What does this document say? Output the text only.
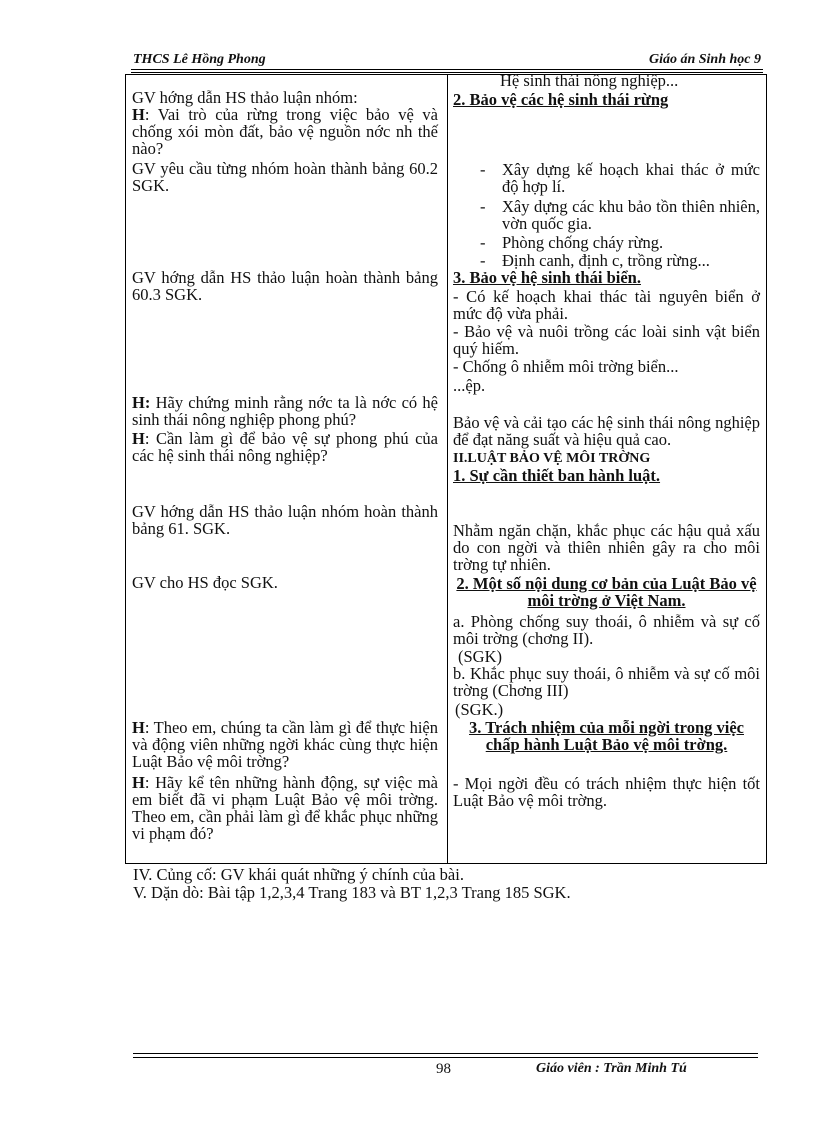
THCS Lê Hồng Phong	Giáo án Sinh học 9
Hệ sinh thái nông nghiệp...
2. Bảo vệ các hệ sinh thái rừng
- Xây dựng kế hoạch khai thác ở mức độ hợp lí.
- Xây dựng các khu bảo tồn thiên nhiên, vờn quốc gia.
- Phòng chống cháy rừng.
- Định canh, định c, trồng rừng...
3. Bảo vệ hệ sinh thái biển.
- Có kế hoạch khai thác tài nguyên biển ở mức độ vừa phải.
- Bảo vệ và nuôi trồng các loài sinh vật biển quý hiếm.
- Chống ô nhiễm môi trờng biển...
...ệp.
Bảo vệ và cải tạo các hệ sinh thái nông nghiệp để đạt năng suất và hiệu quả cao.
II.LUẬT BẢO VỆ MÔI TRỜNG
1. Sự cần thiết ban hành luật.
Nhằm ngăn chặn, khắc phục các hậu quả xấu do con ngời và thiên nhiên gây ra cho môi trờng tự nhiên.
2. Một số nội dung cơ bản của Luật Bảo vệ môi trờng ở Việt Nam.
a. Phòng chống suy thoái, ô nhiễm và sự cố môi trờng (chơng II).
(SGK)
b. Khắc phục suy thoái, ô nhiễm và sự cố môi trờng (Chơng III)
(SGK.)
3. Trách nhiệm của mỗi ngời trong việc chấp hành Luật Bảo vệ môi trờng.
- Mọi ngời đều có trách nhiệm thực hiện tốt Luật Bảo vệ môi trờng.
GV hớng dẫn HS thảo luận nhóm:
H: Vai trò của rừng trong việc bảo vệ và chống xói mòn đất, bảo vệ nguồn nớc nh thế nào?
GV yêu cầu từng nhóm hoàn thành bảng 60.2 SGK.
GV hớng dẫn HS thảo luận hoàn thành bảng 60.3 SGK.
H: Hãy chứng minh rằng nớc ta là nớc có hệ sinh thái nông nghiệp phong phú?
H: Cần làm gì để bảo vệ sự phong phú của các hệ sinh thái nông nghiệp?
GV hớng dẫn HS thảo luận nhóm hoàn thành bảng 61. SGK.
GV cho HS đọc SGK.
H: Theo em, chúng ta cần làm gì để thực hiện và động viên những ngời khác cùng thực hiện Luật Bảo vệ môi trờng?
H: Hãy kể tên những hành động, sự việc mà em biết đã vi phạm Luật Bảo vệ môi trờng. Theo em, cần phải làm gì để khắc phục những vi phạm đó?
IV. Củng cố: GV khái quát những ý chính của bài.
V. Dặn dò: Bài tập 1,2,3,4 Trang 183 và BT 1,2,3 Trang 185 SGK.
98	Giáo viên : Trần Minh Tú
